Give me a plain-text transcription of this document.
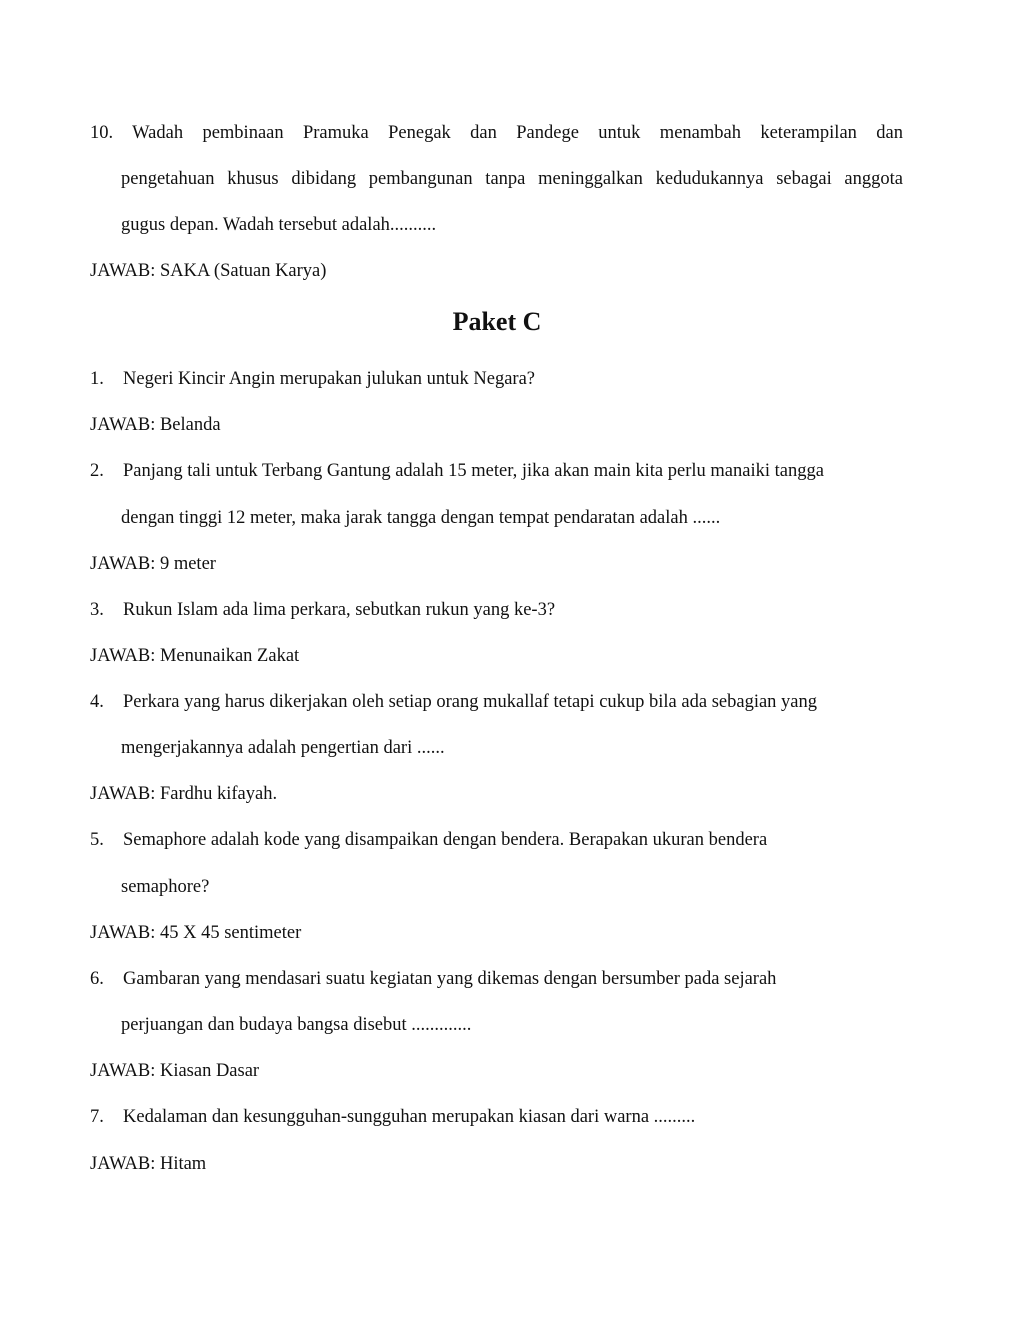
10. Wadah pembinaan Pramuka Penegak dan Pandege untuk menambah keterampilan dan
pengetahuan khusus dibidang pembangunan tanpa meninggalkan kedudukannya sebagai anggota
gugus depan. Wadah tersebut adalah..........
JAWAB: SAKA (Satuan Karya)
Paket C
1. Negeri Kincir Angin merupakan julukan untuk Negara?
JAWAB: Belanda
2. Panjang tali untuk Terbang Gantung adalah 15 meter, jika akan main kita perlu manaiki tangga
dengan tinggi 12 meter, maka jarak tangga dengan tempat pendaratan adalah ......
JAWAB: 9 meter
3. Rukun Islam ada lima perkara, sebutkan rukun yang ke-3?
JAWAB: Menunaikan Zakat
4. Perkara yang harus dikerjakan oleh setiap orang mukallaf tetapi cukup bila ada sebagian yang
mengerjakannya adalah pengertian dari ......
JAWAB: Fardhu kifayah.
5. Semaphore adalah kode yang disampaikan dengan bendera. Berapakan ukuran bendera
semaphore?
JAWAB: 45 X 45 sentimeter
6. Gambaran yang mendasari suatu kegiatan yang dikemas dengan bersumber pada sejarah
perjuangan dan budaya bangsa disebut .............
JAWAB: Kiasan Dasar
7. Kedalaman dan kesungguhan-sungguhan merupakan kiasan dari warna .........
JAWAB: Hitam
